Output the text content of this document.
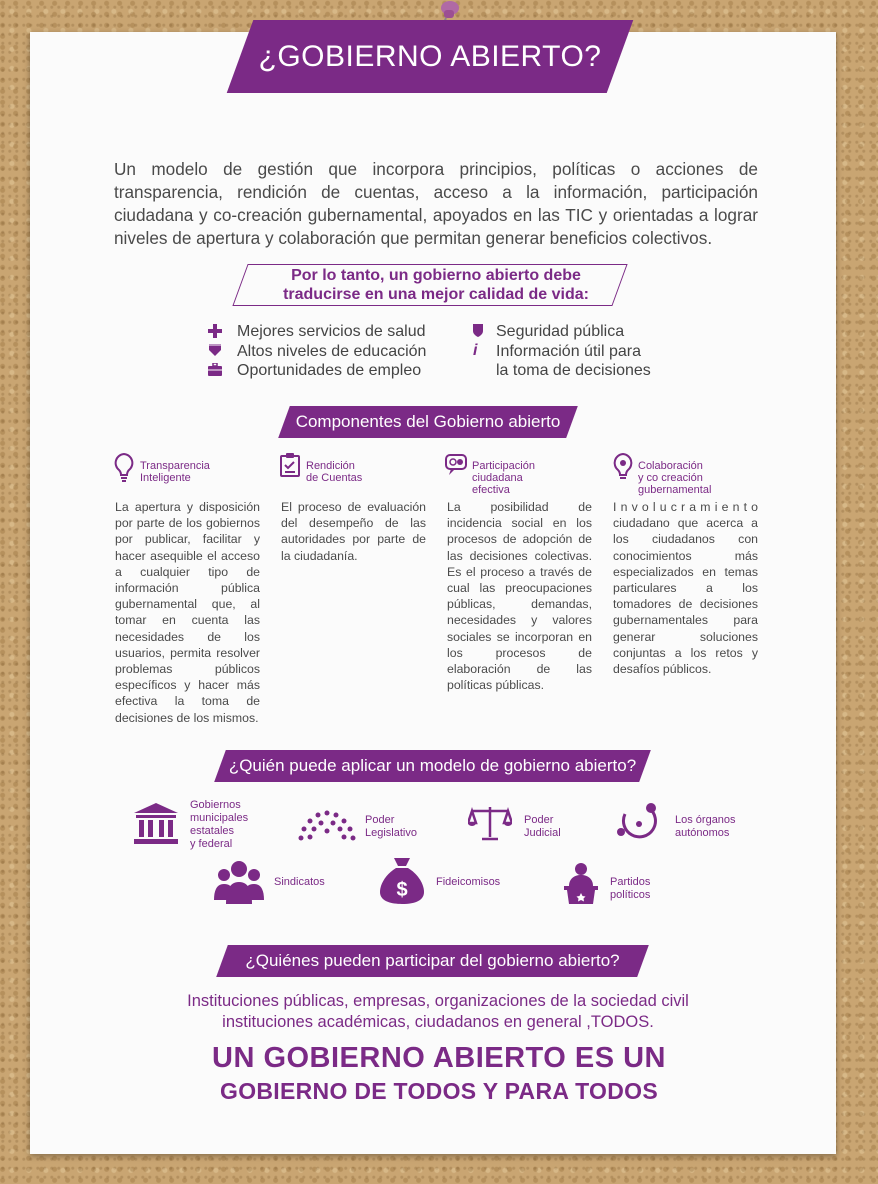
¿GOBIERNO ABIERTO?
Un modelo de gestión que incorpora principios, políticas o acciones de transparencia, rendición de cuentas, acceso a la información, participación ciudadana y co-creación gubernamental, apoyados en las TIC y orientadas a lograr niveles de apertura y colaboración que permitan generar beneficios colectivos.
Por lo tanto, un gobierno abierto debe
traducirse en una mejor calidad de vida:
Mejores servicios de salud
Altos niveles de educación
Oportunidades de empleo
Seguridad pública
i Información útil para
la toma de decisiones
Componentes del Gobierno abierto
Transparencia
Inteligente
La apertura y disposición por parte de los gobiernos por publicar, facilitar y hacer asequible el acceso a cualquier tipo de información pública gubernamental que, al tomar en cuenta las necesidades de los usuarios, permita resolver problemas públicos específicos y hacer más efectiva la toma de decisiones de los mismos.
Rendición
de Cuentas
El proceso de evaluación del desempeño de las autoridades por parte de la ciudadanía.
Participación
ciudadana
efectiva
La posibilidad de incidencia social en los procesos de adopción de las decisiones colectivas. Es el proceso a través de cual las preocupaciones públicas, demandas, necesidades y valores sociales se incorporan en los procesos de elaboración de las políticas públicas.
Colaboración
y co creación
gubernamental
I n v o l u c r a m i e n t o ciudadano que acerca a los ciudadanos con conocimientos más especializados en temas particulares a los tomadores de decisiones gubernamentales para generar soluciones conjuntas a los retos y desafíos públicos.
¿Quién puede aplicar un modelo de gobierno abierto?
Gobiernos
municipales
estatales
y federal
Poder
Legislativo
Poder
Judicial
Los órganos
autónomos
Sindicatos	$	Fideicomisos	Partidos
políticos
¿Quiénes pueden participar del gobierno abierto?
Instituciones públicas, empresas, organizaciones de la sociedad civil
instituciones académicas, ciudadanos en general ,TODOS.
UN GOBIERNO ABIERTO ES UN
GOBIERNO DE TODOS Y PARA TODOS
